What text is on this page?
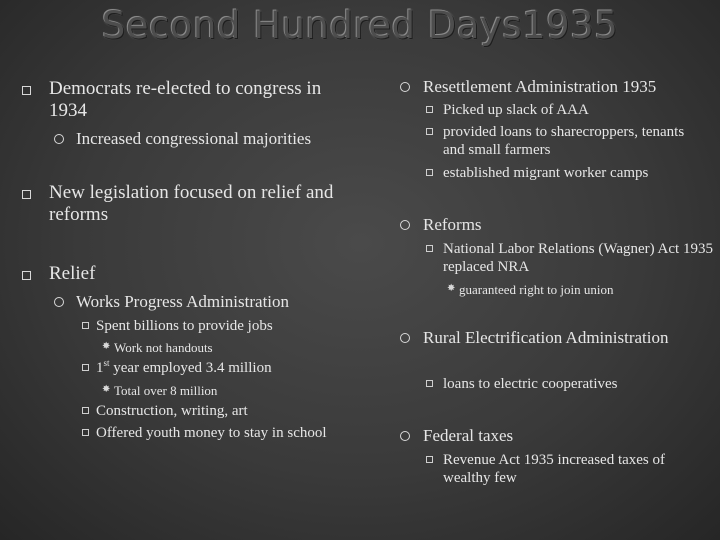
Second Hundred Days1935
Democrats re-elected to congress in 1934
Increased congressional majorities
New legislation focused on relief and reforms
Relief
Works Progress Administration
Spent billions to provide jobs
✸ Work not handouts
1st year employed 3.4 million
✸ Total over 8 million
Construction, writing, art
Offered youth money to stay in school
Resettlement Administration 1935
Picked up slack of AAA
provided loans to sharecroppers, tenants and small farmers
established migrant worker camps
Reforms
National Labor Relations (Wagner) Act 1935 replaced NRA
✸ guaranteed right to join union
Rural Electrification Administration
loans to electric cooperatives
Federal taxes
Revenue Act 1935 increased taxes of wealthy few
